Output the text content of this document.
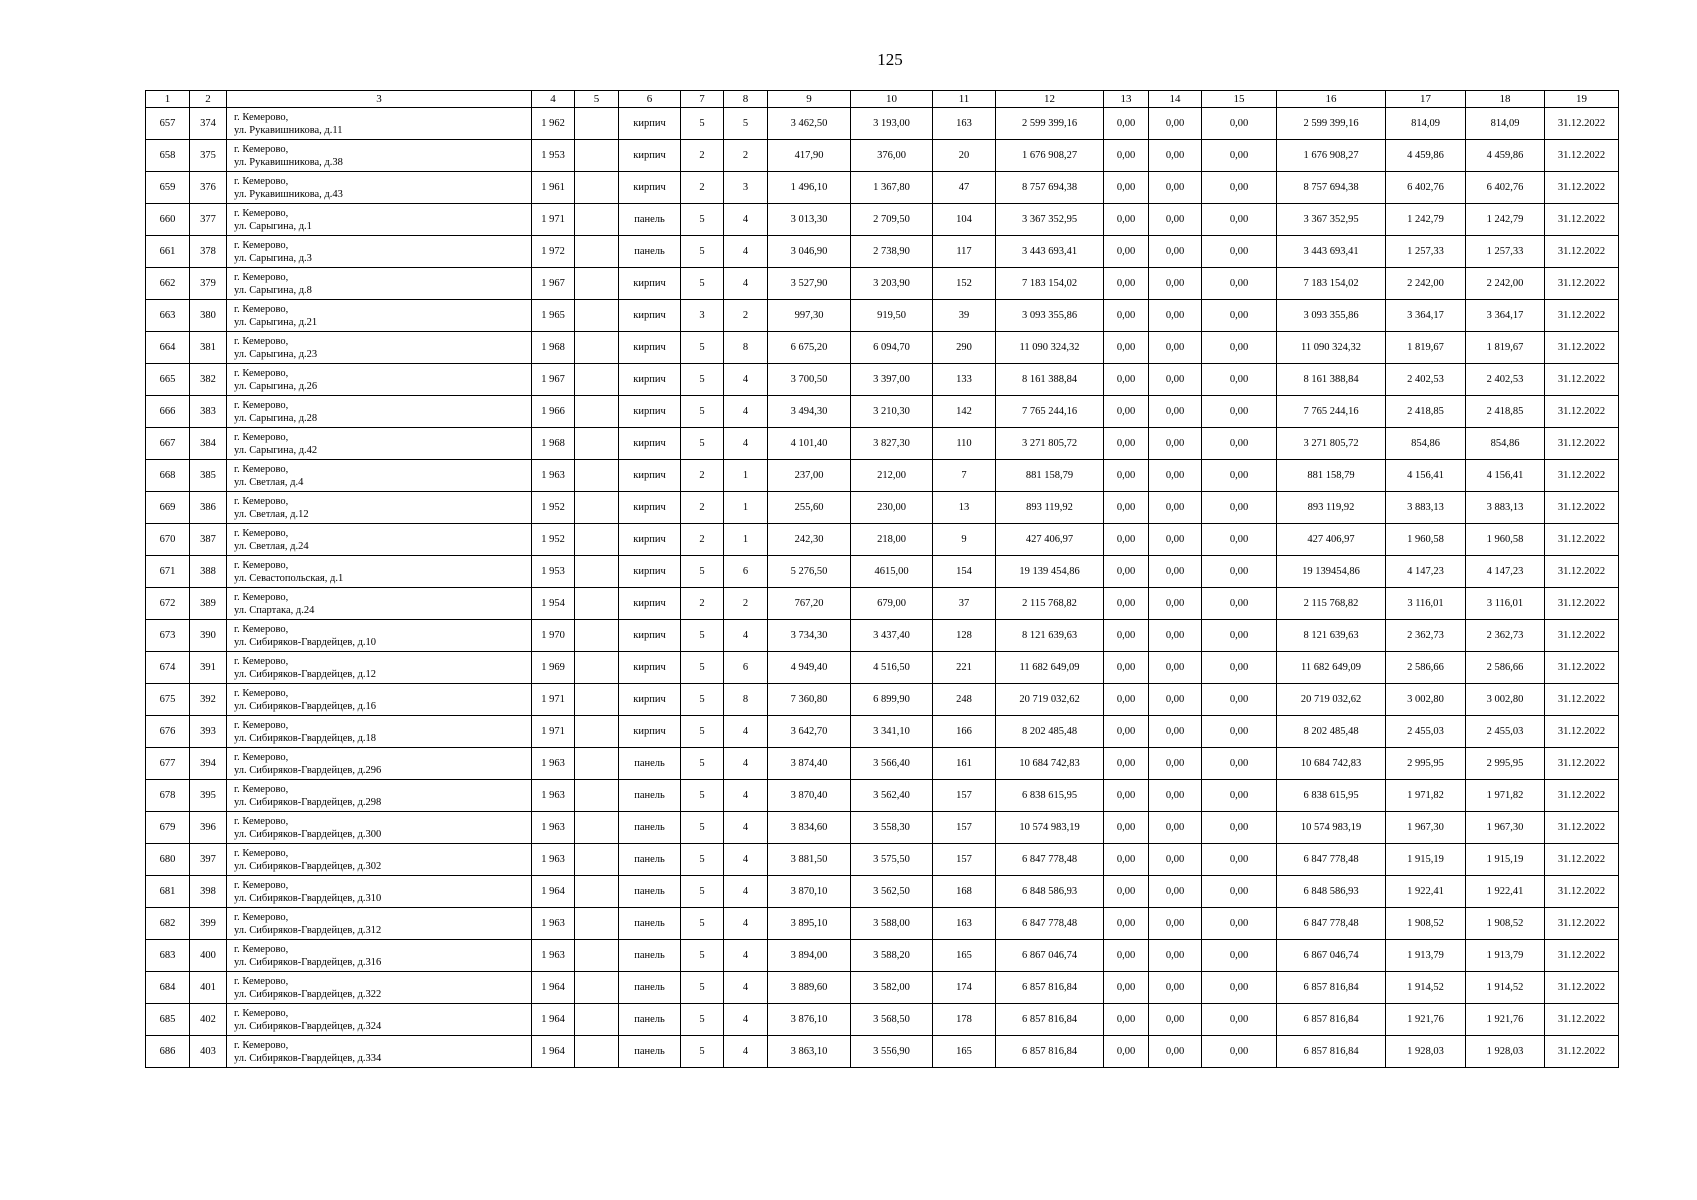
125
1	2	3	4	5	6	7	8	9	10	11	12	13	14	15	16	17	18	19
657	374	г. Кемерово,
ул. Рукавишникова, д.11	1 962		кирпич	5	5	3 462,50	3 193,00	163	2 599 399,16	0,00	0,00	0,00	2 599 399,16	814,09	814,09	31.12.2022
658	375	г. Кемерово,
ул. Рукавишникова, д.38	1 953		кирпич	2	2	417,90	376,00	20	1 676 908,27	0,00	0,00	0,00	1 676 908,27	4 459,86	4 459,86	31.12.2022
659	376	г. Кемерово,
ул. Рукавишникова, д.43	1 961		кирпич	2	3	1 496,10	1 367,80	47	8 757 694,38	0,00	0,00	0,00	8 757 694,38	6 402,76	6 402,76	31.12.2022
660	377	г. Кемерово,
ул. Сарыгина, д.1	1 971		панель	5	4	3 013,30	2 709,50	104	3 367 352,95	0,00	0,00	0,00	3 367 352,95	1 242,79	1 242,79	31.12.2022
661	378	г. Кемерово,
ул. Сарыгина, д.3	1 972		панель	5	4	3 046,90	2 738,90	117	3 443 693,41	0,00	0,00	0,00	3 443 693,41	1 257,33	1 257,33	31.12.2022
662	379	г. Кемерово,
ул. Сарыгина, д.8	1 967		кирпич	5	4	3 527,90	3 203,90	152	7 183 154,02	0,00	0,00	0,00	7 183 154,02	2 242,00	2 242,00	31.12.2022
663	380	г. Кемерово,
ул. Сарыгина, д.21	1 965		кирпич	3	2	997,30	919,50	39	3 093 355,86	0,00	0,00	0,00	3 093 355,86	3 364,17	3 364,17	31.12.2022
664	381	г. Кемерово,
ул. Сарыгина, д.23	1 968		кирпич	5	8	6 675,20	6 094,70	290	11 090 324,32	0,00	0,00	0,00	11 090 324,32	1 819,67	1 819,67	31.12.2022
665	382	г. Кемерово,
ул. Сарыгина, д.26	1 967		кирпич	5	4	3 700,50	3 397,00	133	8 161 388,84	0,00	0,00	0,00	8 161 388,84	2 402,53	2 402,53	31.12.2022
666	383	г. Кемерово,
ул. Сарыгина, д.28	1 966		кирпич	5	4	3 494,30	3 210,30	142	7 765 244,16	0,00	0,00	0,00	7 765 244,16	2 418,85	2 418,85	31.12.2022
667	384	г. Кемерово,
ул. Сарыгина, д.42	1 968		кирпич	5	4	4 101,40	3 827,30	110	3 271 805,72	0,00	0,00	0,00	3 271 805,72	854,86	854,86	31.12.2022
668	385	г. Кемерово,
ул. Светлая, д.4	1 963		кирпич	2	1	237,00	212,00	7	881 158,79	0,00	0,00	0,00	881 158,79	4 156,41	4 156,41	31.12.2022
669	386	г. Кемерово,
ул. Светлая, д.12	1 952		кирпич	2	1	255,60	230,00	13	893 119,92	0,00	0,00	0,00	893 119,92	3 883,13	3 883,13	31.12.2022
670	387	г. Кемерово,
ул. Светлая, д.24	1 952		кирпич	2	1	242,30	218,00	9	427 406,97	0,00	0,00	0,00	427 406,97	1 960,58	1 960,58	31.12.2022
671	388	г. Кемерово,
ул. Севастопольская, д.1	1 953		кирпич	5	6	5 276,50	4615,00	154	19 139 454,86	0,00	0,00	0,00	19 139454,86	4 147,23	4 147,23	31.12.2022
672	389	г. Кемерово,
ул. Спартака, д.24	1 954		кирпич	2	2	767,20	679,00	37	2 115 768,82	0,00	0,00	0,00	2 115 768,82	3 116,01	3 116,01	31.12.2022
673	390	г. Кемерово,
ул. Сибиряков-Гвардейцев, д.10	1 970		кирпич	5	4	3 734,30	3 437,40	128	8 121 639,63	0,00	0,00	0,00	8 121 639,63	2 362,73	2 362,73	31.12.2022
674	391	г. Кемерово,
ул. Сибиряков-Гвардейцев, д.12	1 969		кирпич	5	6	4 949,40	4 516,50	221	11 682 649,09	0,00	0,00	0,00	11 682 649,09	2 586,66	2 586,66	31.12.2022
675	392	г. Кемерово,
ул. Сибиряков-Гвардейцев, д.16	1 971		кирпич	5	8	7 360,80	6 899,90	248	20 719 032,62	0,00	0,00	0,00	20 719 032,62	3 002,80	3 002,80	31.12.2022
676	393	г. Кемерово,
ул. Сибиряков-Гвардейцев, д.18	1 971		кирпич	5	4	3 642,70	3 341,10	166	8 202 485,48	0,00	0,00	0,00	8 202 485,48	2 455,03	2 455,03	31.12.2022
677	394	г. Кемерово,
ул. Сибиряков-Гвардейцев, д.296	1 963		панель	5	4	3 874,40	3 566,40	161	10 684 742,83	0,00	0,00	0,00	10 684 742,83	2 995,95	2 995,95	31.12.2022
678	395	г. Кемерово,
ул. Сибиряков-Гвардейцев, д.298	1 963		панель	5	4	3 870,40	3 562,40	157	6 838 615,95	0,00	0,00	0,00	6 838 615,95	1 971,82	1 971,82	31.12.2022
679	396	г. Кемерово,
ул. Сибиряков-Гвардейцев, д.300	1 963		панель	5	4	3 834,60	3 558,30	157	10 574 983,19	0,00	0,00	0,00	10 574 983,19	1 967,30	1 967,30	31.12.2022
680	397	г. Кемерово,
ул. Сибиряков-Гвардейцев, д.302	1 963		панель	5	4	3 881,50	3 575,50	157	6 847 778,48	0,00	0,00	0,00	6 847 778,48	1 915,19	1 915,19	31.12.2022
681	398	г. Кемерово,
ул. Сибиряков-Гвардейцев, д.310	1 964		панель	5	4	3 870,10	3 562,50	168	6 848 586,93	0,00	0,00	0,00	6 848 586,93	1 922,41	1 922,41	31.12.2022
682	399	г. Кемерово,
ул. Сибиряков-Гвардейцев, д.312	1 963		панель	5	4	3 895,10	3 588,00	163	6 847 778,48	0,00	0,00	0,00	6 847 778,48	1 908,52	1 908,52	31.12.2022
683	400	г. Кемерово,
ул. Сибиряков-Гвардейцев, д.316	1 963		панель	5	4	3 894,00	3 588,20	165	6 867 046,74	0,00	0,00	0,00	6 867 046,74	1 913,79	1 913,79	31.12.2022
684	401	г. Кемерово,
ул. Сибиряков-Гвардейцев, д.322	1 964		панель	5	4	3 889,60	3 582,00	174	6 857 816,84	0,00	0,00	0,00	6 857 816,84	1 914,52	1 914,52	31.12.2022
685	402	г. Кемерово,
ул. Сибиряков-Гвардейцев, д.324	1 964		панель	5	4	3 876,10	3 568,50	178	6 857 816,84	0,00	0,00	0,00	6 857 816,84	1 921,76	1 921,76	31.12.2022
686	403	г. Кемерово,
ул. Сибиряков-Гвардейцев, д.334	1 964		панель	5	4	3 863,10	3 556,90	165	6 857 816,84	0,00	0,00	0,00	6 857 816,84	1 928,03	1 928,03	31.12.2022
